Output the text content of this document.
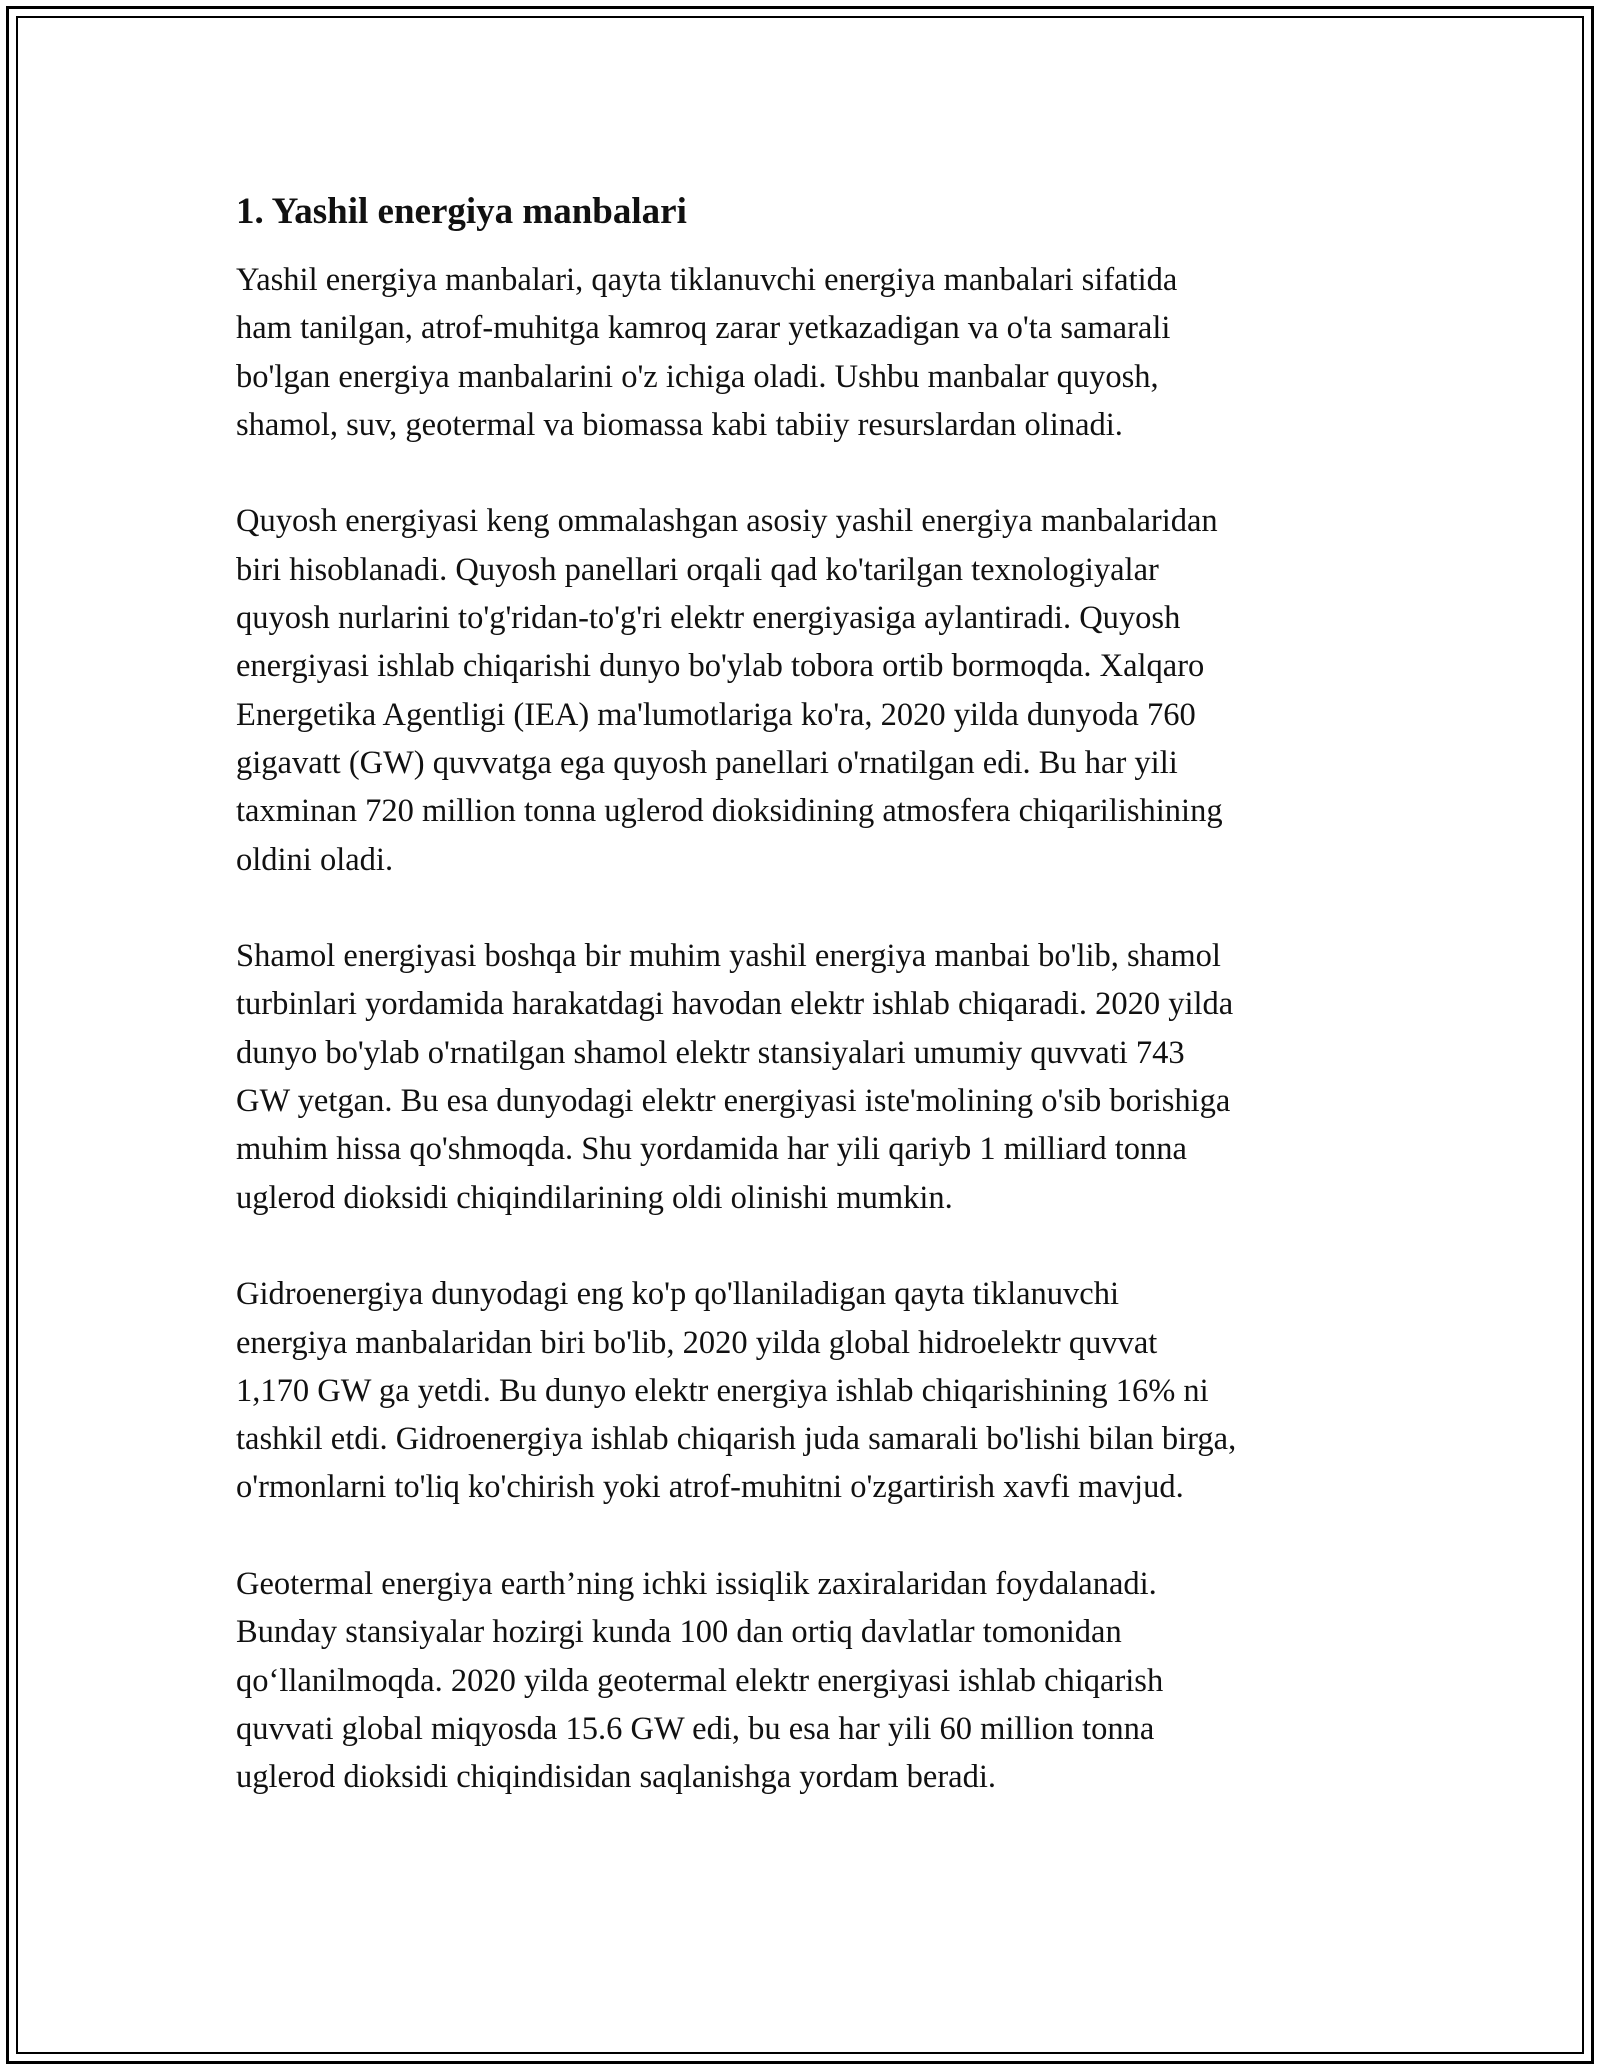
1. Yashil energiya manbalari

Yashil energiya manbalari, qayta tiklanuvchi energiya manbalari sifatida
ham tanilgan, atrof-muhitga kamroq zarar yetkazadigan va o'ta samarali
bo'lgan energiya manbalarini o'z ichiga oladi. Ushbu manbalar quyosh,
shamol, suv, geotermal va biomassa kabi tabiiy resurslardan olinadi.

Quyosh energiyasi keng ommalashgan asosiy yashil energiya manbalaridan
biri hisoblanadi. Quyosh panellari orqali qad ko'tarilgan texnologiyalar
quyosh nurlarini to'g'ridan-to'g'ri elektr energiyasiga aylantiradi. Quyosh
energiyasi ishlab chiqarishi dunyo bo'ylab tobora ortib bormoqda. Xalqaro
Energetika Agentligi (IEA) ma'lumotlariga ko'ra, 2020 yilda dunyoda 760
gigavatt (GW) quvvatga ega quyosh panellari o'rnatilgan edi. Bu har yili
taxminan 720 million tonna uglerod dioksidining atmosfera chiqarilishining
oldini oladi.

Shamol energiyasi boshqa bir muhim yashil energiya manbai bo'lib, shamol
turbinlari yordamida harakatdagi havodan elektr ishlab chiqaradi. 2020 yilda
dunyo bo'ylab o'rnatilgan shamol elektr stansiyalari umumiy quvvati 743
GW yetgan. Bu esa dunyodagi elektr energiyasi iste'molining o'sib borishiga
muhim hissa qo'shmoqda. Shu yordamida har yili qariyb 1 milliard tonna
uglerod dioksidi chiqindilarining oldi olinishi mumkin.

Gidroenergiya dunyodagi eng ko'p qo'llaniladigan qayta tiklanuvchi
energiya manbalaridan biri bo'lib, 2020 yilda global hidroelektr quvvat
1,170 GW ga yetdi. Bu dunyo elektr energiya ishlab chiqarishining 16% ni
tashkil etdi. Gidroenergiya ishlab chiqarish juda samarali bo'lishi bilan birga,
o'rmonlarni to'liq ko'chirish yoki atrof-muhitni o'zgartirish xavfi mavjud.

Geotermal energiya earth’ning ichki issiqlik zaxiralaridan foydalanadi.
Bunday stansiyalar hozirgi kunda 100 dan ortiq davlatlar tomonidan
qo‘llanilmoqda. 2020 yilda geotermal elektr energiyasi ishlab chiqarish
quvvati global miqyosda 15.6 GW edi, bu esa har yili 60 million tonna
uglerod dioksidi chiqindisidan saqlanishga yordam beradi.
